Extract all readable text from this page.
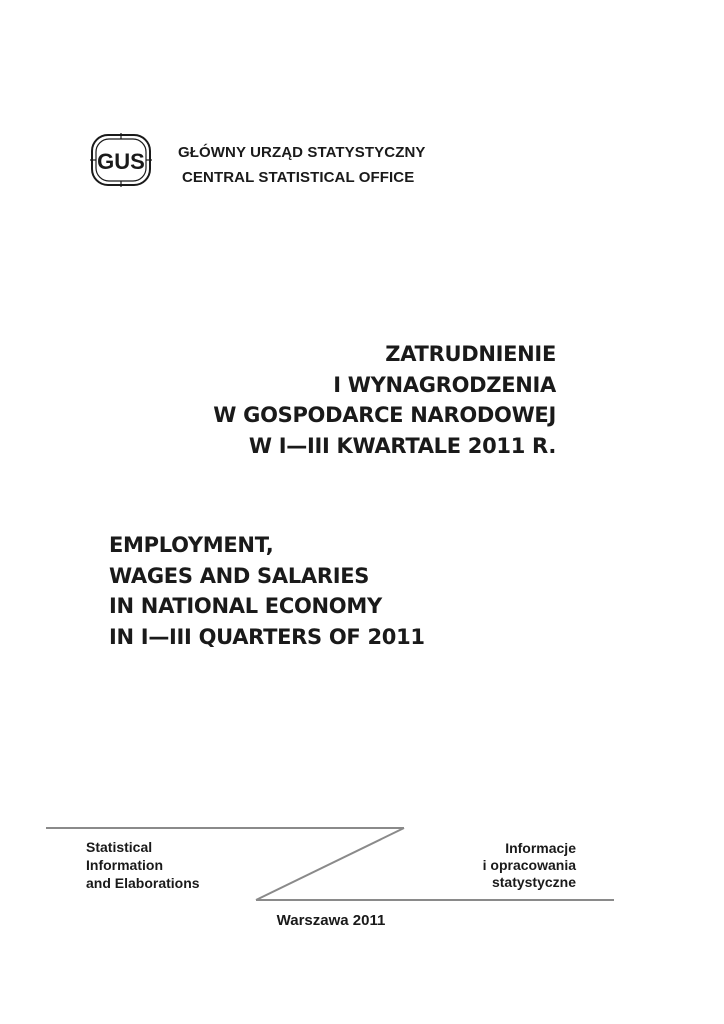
GUS GŁÓWNY URZĄD STATYSTYCZNY
CENTRAL STATISTICAL OFFICE
ZATRUDNIENIE
I WYNAGRODZENIA
W GOSPODARCE NARODOWEJ
W I—III KWARTALE 2011 R.
EMPLOYMENT,
WAGES AND SALARIES
IN NATIONAL ECONOMY
IN I—III QUARTERS OF 2011
Statistical
Information
and Elaborations
Informacje
i opracowania
statystyczne
Warszawa 2011
